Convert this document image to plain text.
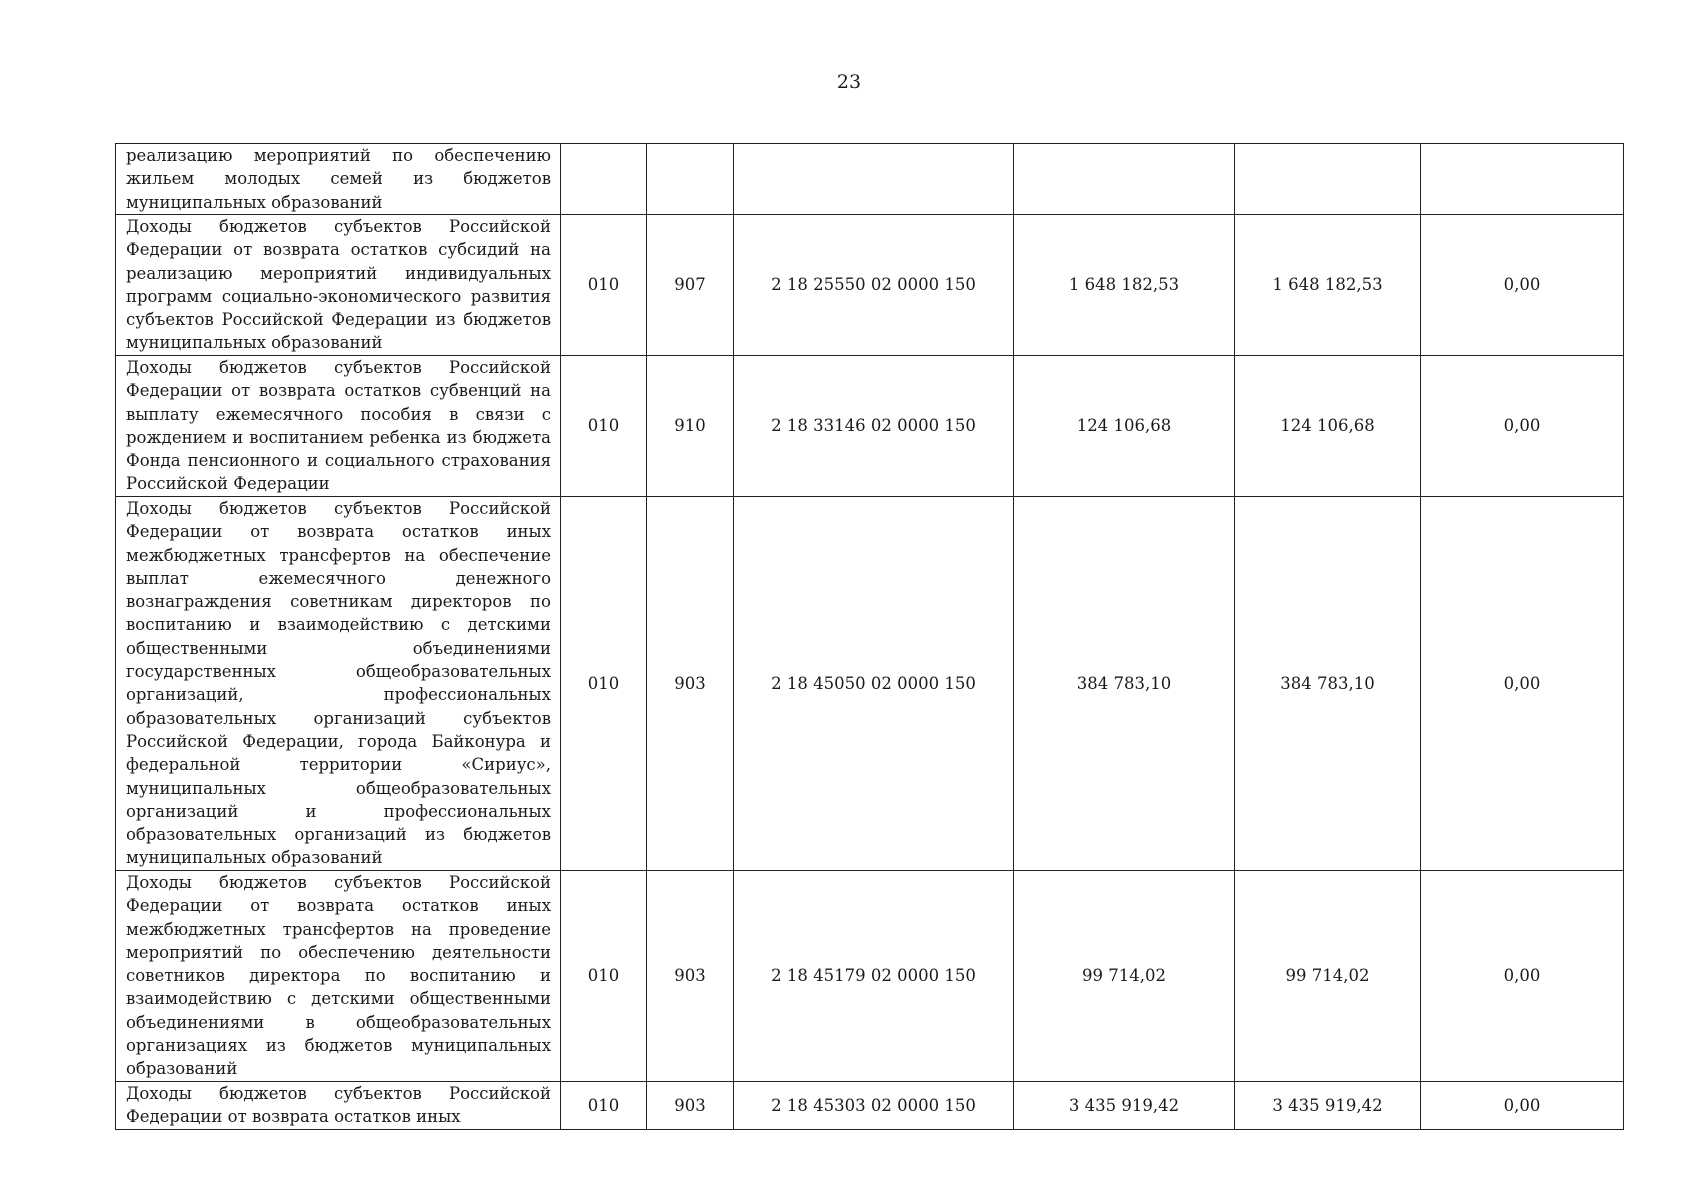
23
реализацию мероприятий по обеспечению жильем молодых семей из бюджетов муниципальных образований						
Доходы бюджетов субъектов Российской Федерации от возврата остатков субсидий на реализацию мероприятий индивидуальных программ социально-экономического развития субъектов Российской Федерации из бюджетов муниципальных образований	010	907	2 18 25550 02 0000 150	1 648 182,53	1 648 182,53	0,00
Доходы бюджетов субъектов Российской Федерации от возврата остатков субвенций на выплату ежемесячного пособия в связи с рождением и воспитанием ребенка из бюджета Фонда пенсионного и социального страхования Российской Федерации	010	910	2 18 33146 02 0000 150	124 106,68	124 106,68	0,00
Доходы бюджетов субъектов Российской Федерации от возврата остатков иных межбюджетных трансфертов на обеспечение выплат ежемесячного денежного вознаграждения советникам директоров по воспитанию и взаимодействию с детскими общественными объединениями государственных общеобразовательных организаций, профессиональных образовательных организаций субъектов Российской Федерации, города Байконура и федеральной территории «Сириус», муниципальных общеобразовательных организаций и профессиональных образовательных организаций из бюджетов муниципальных образований	010	903	2 18 45050 02 0000 150	384 783,10	384 783,10	0,00
Доходы бюджетов субъектов Российской Федерации от возврата остатков иных межбюджетных трансфертов на проведение мероприятий по обеспечению деятельности советников директора по воспитанию и взаимодействию с детскими общественными объединениями в общеобразовательных организациях из бюджетов муниципальных образований	010	903	2 18 45179 02 0000 150	99 714,02	99 714,02	0,00
Доходы бюджетов субъектов Российской Федерации от возврата остатков иных	010	903	2 18 45303 02 0000 150	3 435 919,42	3 435 919,42	0,00
